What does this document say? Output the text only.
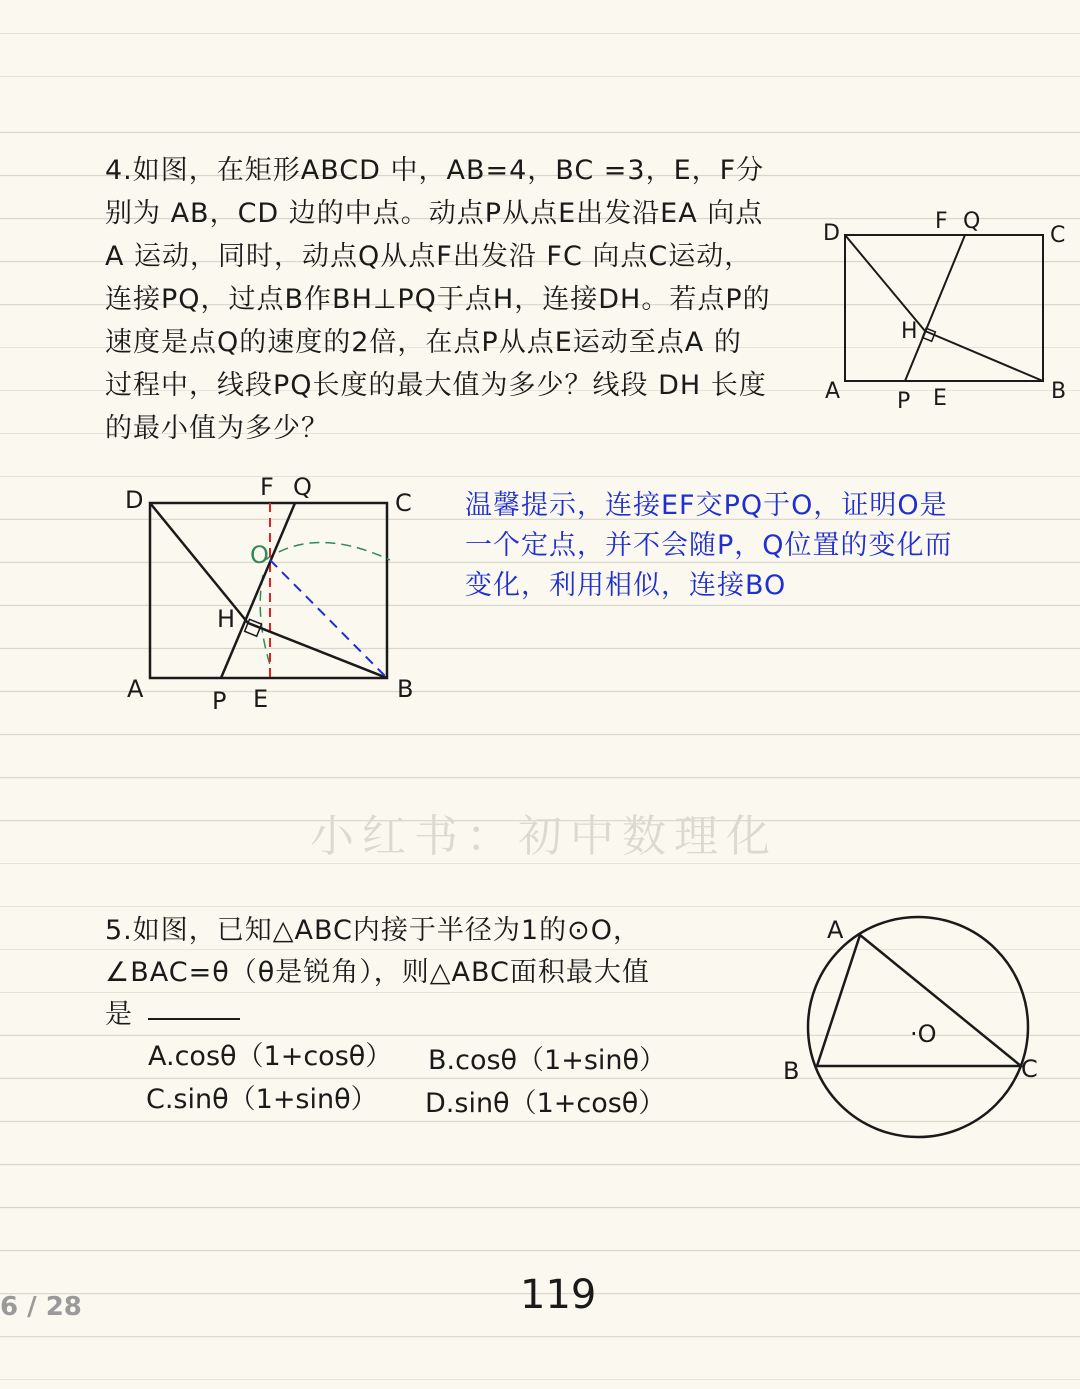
小红书：初中数理化
4.如图，在矩形ABCD 中，AB=4，BC =3，E，F分
别为 AB，CD 边的中点。动点P从点E出发沿EA 向点
A 运动，同时，动点Q从点F出发沿 FC 向点C运动，
连接PQ，过点B作BH⊥PQ于点H，连接DH。若点P的
速度是点Q的速度的2倍，在点P从点E运动至点A 的
过程中，线段PQ长度的最大值为多少？线段 DH 长度
的最小值为多少？
D	F Q
C
H
A	P E	B
D	F Q
C
O
H
A	P E	B
温馨提示，连接EF交PQ于O，证明O是
一个定点，并不会随P，Q位置的变化而
变化，利用相似，连接BO
5.如图，已知△ABC内接于半径为1的⊙O，
∠BAC=θ（θ是锐角），则△ABC面积最大值
是
A.cosθ（1+cosθ） B.cosθ（1+sinθ）
C.sinθ（1+sinθ） D.sinθ（1+cosθ）
A
B	C
·O
6 / 28	119
